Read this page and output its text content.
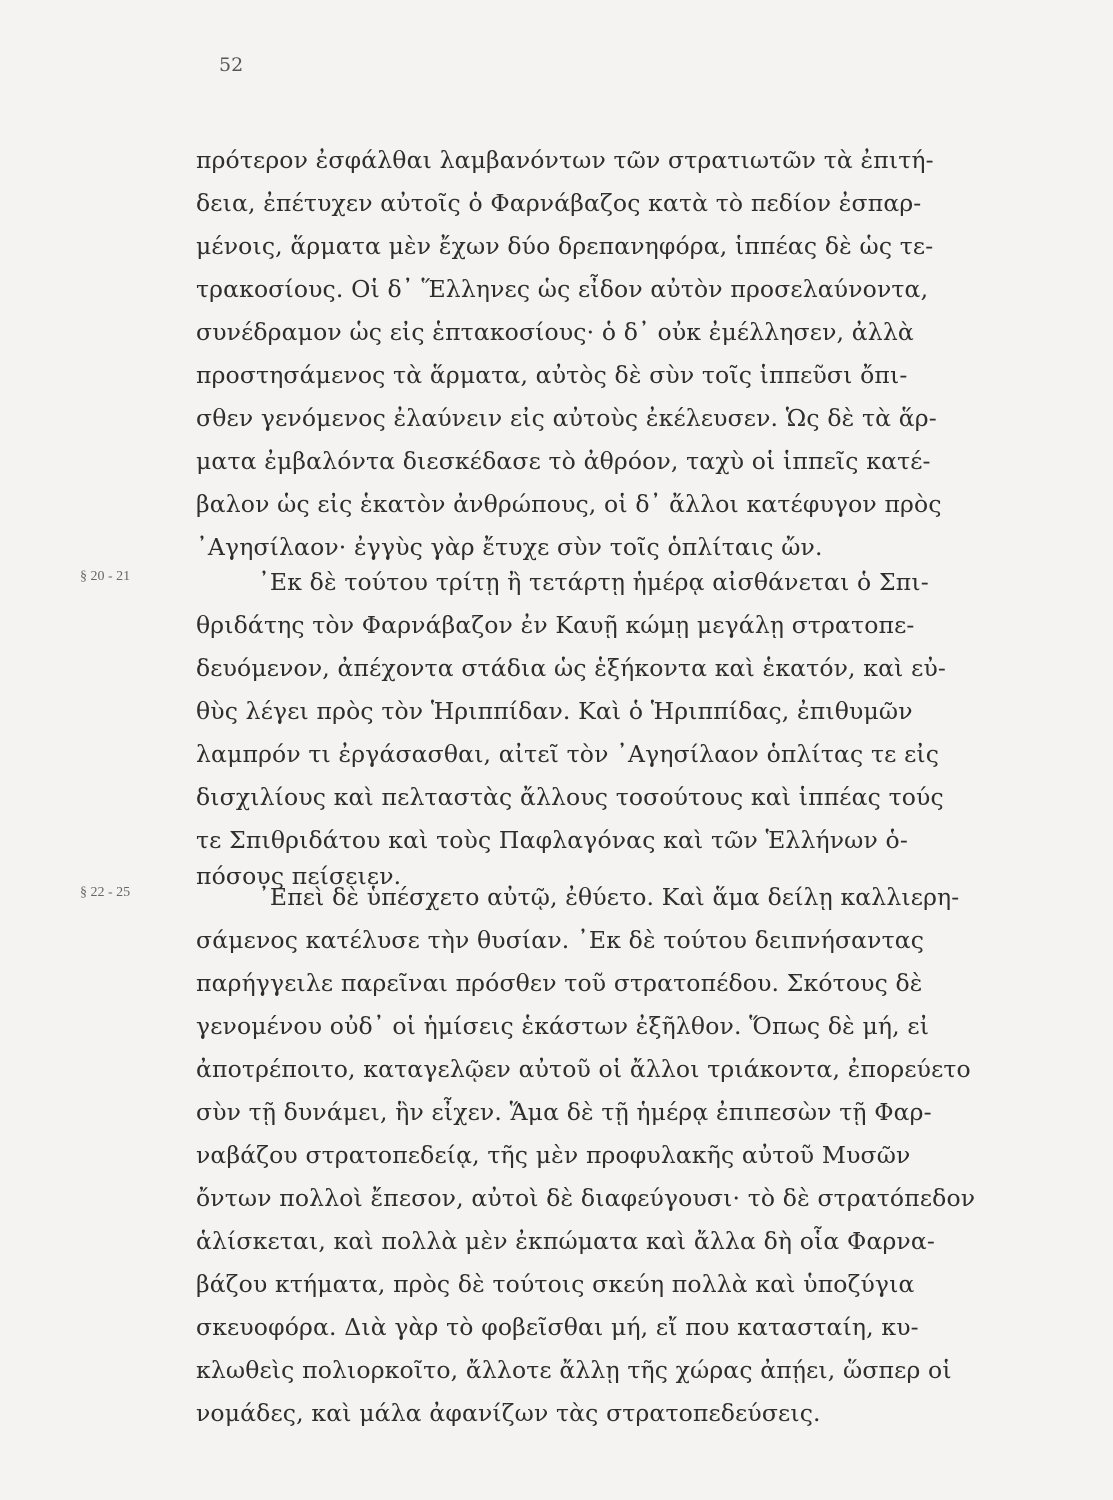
52
§ 20 - 21
§ 22 - 25
πρότερον ἐσφάλθαι λαμβανόντων τῶν στρατιωτῶν τὰ ἐπιτή-
δεια, ἐπέτυχεν αὐτοῖς ὁ Φαρνάβαζος κατὰ τὸ πεδίον ἐσπαρ-
μένοις, ἅρματα μὲν ἔχων δύο δρεπανηφόρα, ἱππέας δὲ ὡς τε-
τρακοσίους. Οἱ δ᾽ Ἕλληνες ὡς εἶδον αὐτὸν προσελαύνοντα,
συνέδραμον ὡς εἰς ἑπτακοσίους· ὁ δ᾽ οὐκ ἐμέλλησεν, ἀλλὰ
προστησάμενος τὰ ἅρματα, αὐτὸς δὲ σὺν τοῖς ἱππεῦσι ὄπι-
σθεν γενόμενος ἐλαύνειν εἰς αὐτοὺς ἐκέλευσεν. Ὡς δὲ τὰ ἅρ-
ματα ἐμβαλόντα διεσκέδασε τὸ ἀθρόον, ταχὺ οἱ ἱππεῖς κατέ-
βαλον ὡς εἰς ἑκατὸν ἀνθρώπους, οἱ δ᾽ ἄλλοι κατέφυγον πρὸς
᾽Αγησίλαον· ἐγγὺς γὰρ ἔτυχε σὺν τοῖς ὁπλίταις ὤν.
᾽Εκ δὲ τούτου τρίτῃ ἢ τετάρτῃ ἡμέρᾳ αἰσθάνεται ὁ Σπι-
θριδάτης τὸν Φαρνάβαζον ἐν Καυῇ κώμῃ μεγάλῃ στρατοπε-
δευόμενον, ἀπέχοντα στάδια ὡς ἑξήκοντα καὶ ἑκατόν, καὶ εὐ-
θὺς λέγει πρὸς τὸν Ἡριππίδαν. Καὶ ὁ Ἡριππίδας, ἐπιθυμῶν
λαμπρόν τι ἐργάσασθαι, αἰτεῖ τὸν ᾽Αγησίλαον ὁπλίτας τε εἰς
δισχιλίους καὶ πελταστὰς ἄλλους τοσούτους καὶ ἱππέας τούς
τε Σπιθριδάτου καὶ τοὺς Παφλαγόνας καὶ τῶν Ἑλλήνων ὁ-
πόσους πείσειεν.
᾽Επεὶ δὲ ὑπέσχετο αὐτῷ, ἐθύετο. Καὶ ἅμα δείλῃ καλλιερη-
σάμενος κατέλυσε τὴν θυσίαν. ᾽Εκ δὲ τούτου δειπνήσαντας
παρήγγειλε παρεῖναι πρόσθεν τοῦ στρατοπέδου. Σκότους δὲ
γενομένου οὐδ᾽ οἱ ἡμίσεις ἑκάστων ἐξῆλθον. Ὅπως δὲ μή, εἰ
ἀποτρέποιτο, καταγελῷεν αὐτοῦ οἱ ἄλλοι τριάκοντα, ἐπορεύετο
σὺν τῇ δυνάμει, ἣν εἶχεν. Ἅμα δὲ τῇ ἡμέρᾳ ἐπιπεσὼν τῇ Φαρ-
ναβάζου στρατοπεδείᾳ, τῆς μὲν προφυλακῆς αὐτοῦ Μυσῶν
ὄντων πολλοὶ ἔπεσον, αὐτοὶ δὲ διαφεύγουσι· τὸ δὲ στρατόπεδον
ἁλίσκεται, καὶ πολλὰ μὲν ἐκπώματα καὶ ἄλλα δὴ οἷα Φαρνα-
βάζου κτήματα, πρὸς δὲ τούτοις σκεύη πολλὰ καὶ ὑποζύγια
σκευοφόρα. Διὰ γὰρ τὸ φοβεῖσθαι μή, εἴ που κατασταίη, κυ-
κλωθεὶς πολιορκοῖτο, ἄλλοτε ἄλλῃ τῆς χώρας ἀπῄει, ὥσπερ οἱ
νομάδες, καὶ μάλα ἀφανίζων τὰς στρατοπεδεύσεις.
